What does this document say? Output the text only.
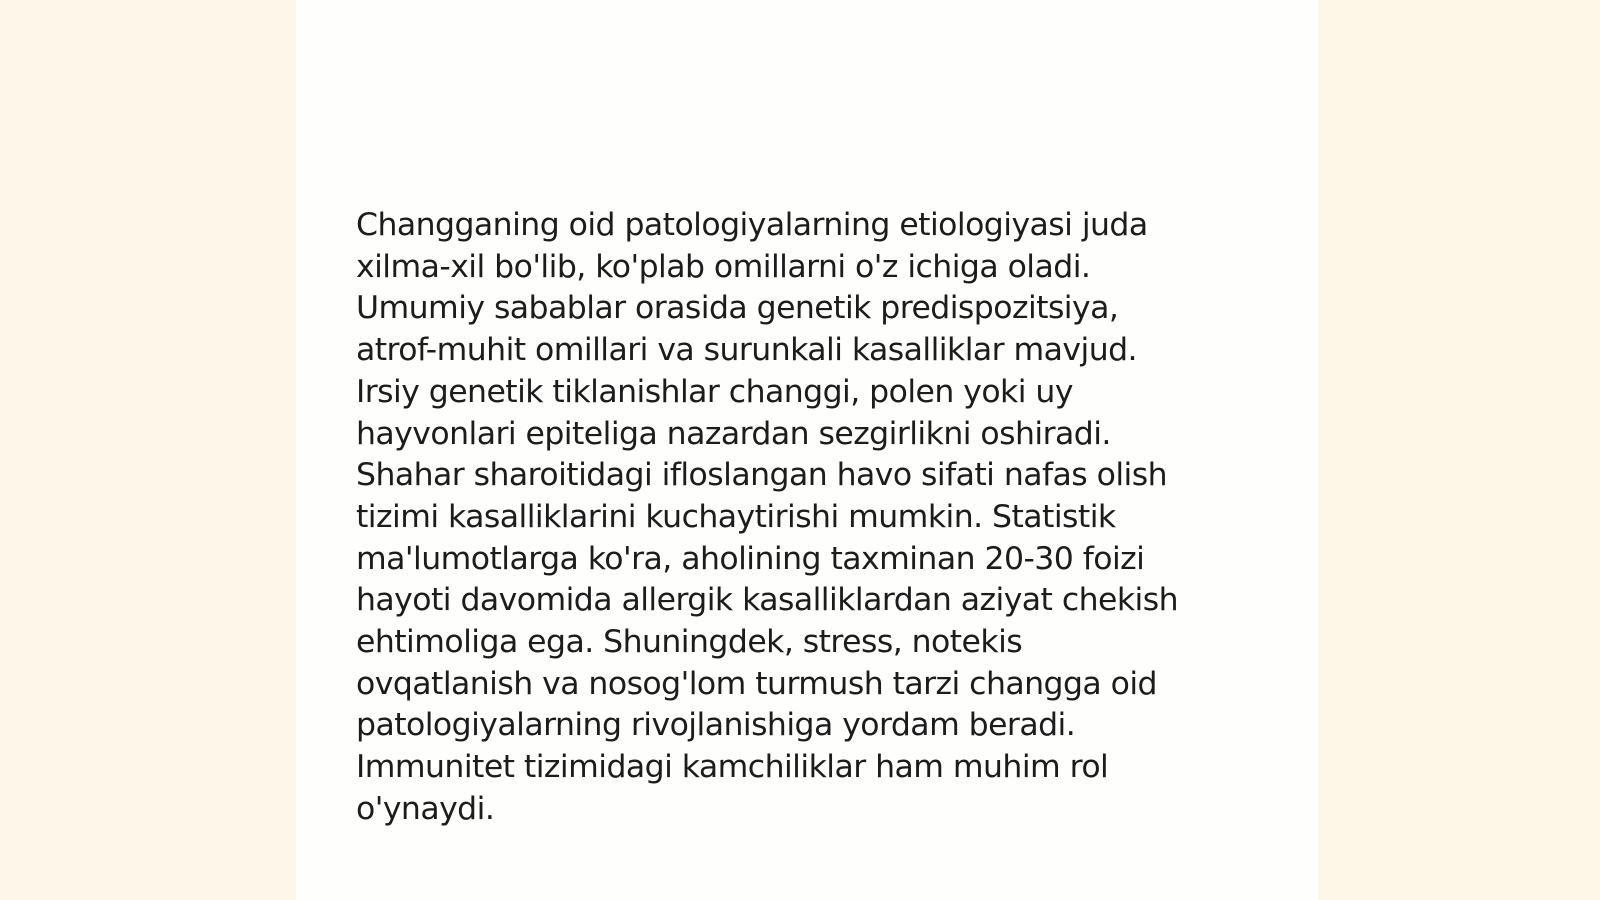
Changganing oid patologiyalarning etiologiyasi juda
xilma-xil bo'lib, ko'plab omillarni o'z ichiga oladi.
Umumiy sabablar orasida genetik predispozitsiya,
atrof-muhit omillari va surunkali kasalliklar mavjud.
Irsiy genetik tiklanishlar changgi, polen yoki uy
hayvonlari epiteliga nazardan sezgirlikni oshiradi.
Shahar sharoitidagi ifloslangan havo sifati nafas olish
tizimi kasalliklarini kuchaytirishi mumkin. Statistik
ma'lumotlarga ko'ra, aholining taxminan 20-30 foizi
hayoti davomida allergik kasalliklardan aziyat chekish
ehtimoliga ega. Shuningdek, stress, notekis
ovqatlanish va nosog'lom turmush tarzi changga oid
patologiyalarning rivojlanishiga yordam beradi.
Immunitet tizimidagi kamchiliklar ham muhim rol
o'ynaydi.
